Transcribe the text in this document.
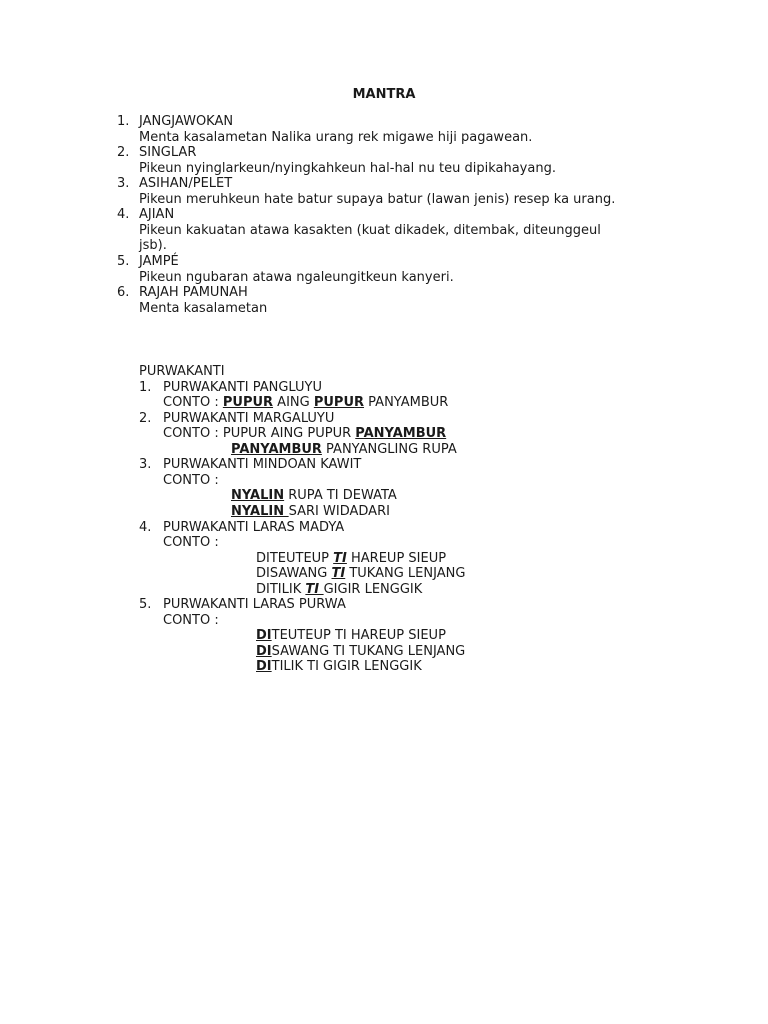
MANTRA
1. JANGJAWOKAN
Menta kasalametan Nalika urang rek migawe hiji pagawean.
2. SINGLAR
Pikeun nyinglarkeun/nyingkahkeun hal-hal nu teu dipikahayang.
3. ASIHAN/PELET
Pikeun meruhkeun hate batur supaya batur (lawan jenis) resep ka urang.
4. AJIAN
Pikeun kakuatan atawa kasakten (kuat dikadek, ditembak, diteunggeul
jsb).
5. JAMPÉ
Pikeun ngubaran atawa ngaleungitkeun kanyeri.
6. RAJAH PAMUNAH
Menta kasalametan
PURWAKANTI
1. PURWAKANTI PANGLUYU
CONTO : PUPUR AING PUPUR PANYAMBUR
2. PURWAKANTI MARGALUYU
CONTO : PUPUR AING PUPUR PANYAMBUR
PANYAMBUR PANYANGLING RUPA
3. PURWAKANTI MINDOAN KAWIT
CONTO :
NYALIN RUPA TI DEWATA
NYALIN SARI WIDADARI
4. PURWAKANTI LARAS MADYA
CONTO :
DITEUTEUP TI HAREUP SIEUP
DISAWANG TI TUKANG LENJANG
DITILIK TI GIGIR LENGGIK
5. PURWAKANTI LARAS PURWA
CONTO :
DITEUTEUP TI HAREUP SIEUP
DISAWANG TI TUKANG LENJANG
DITILIK TI GIGIR LENGGIK
